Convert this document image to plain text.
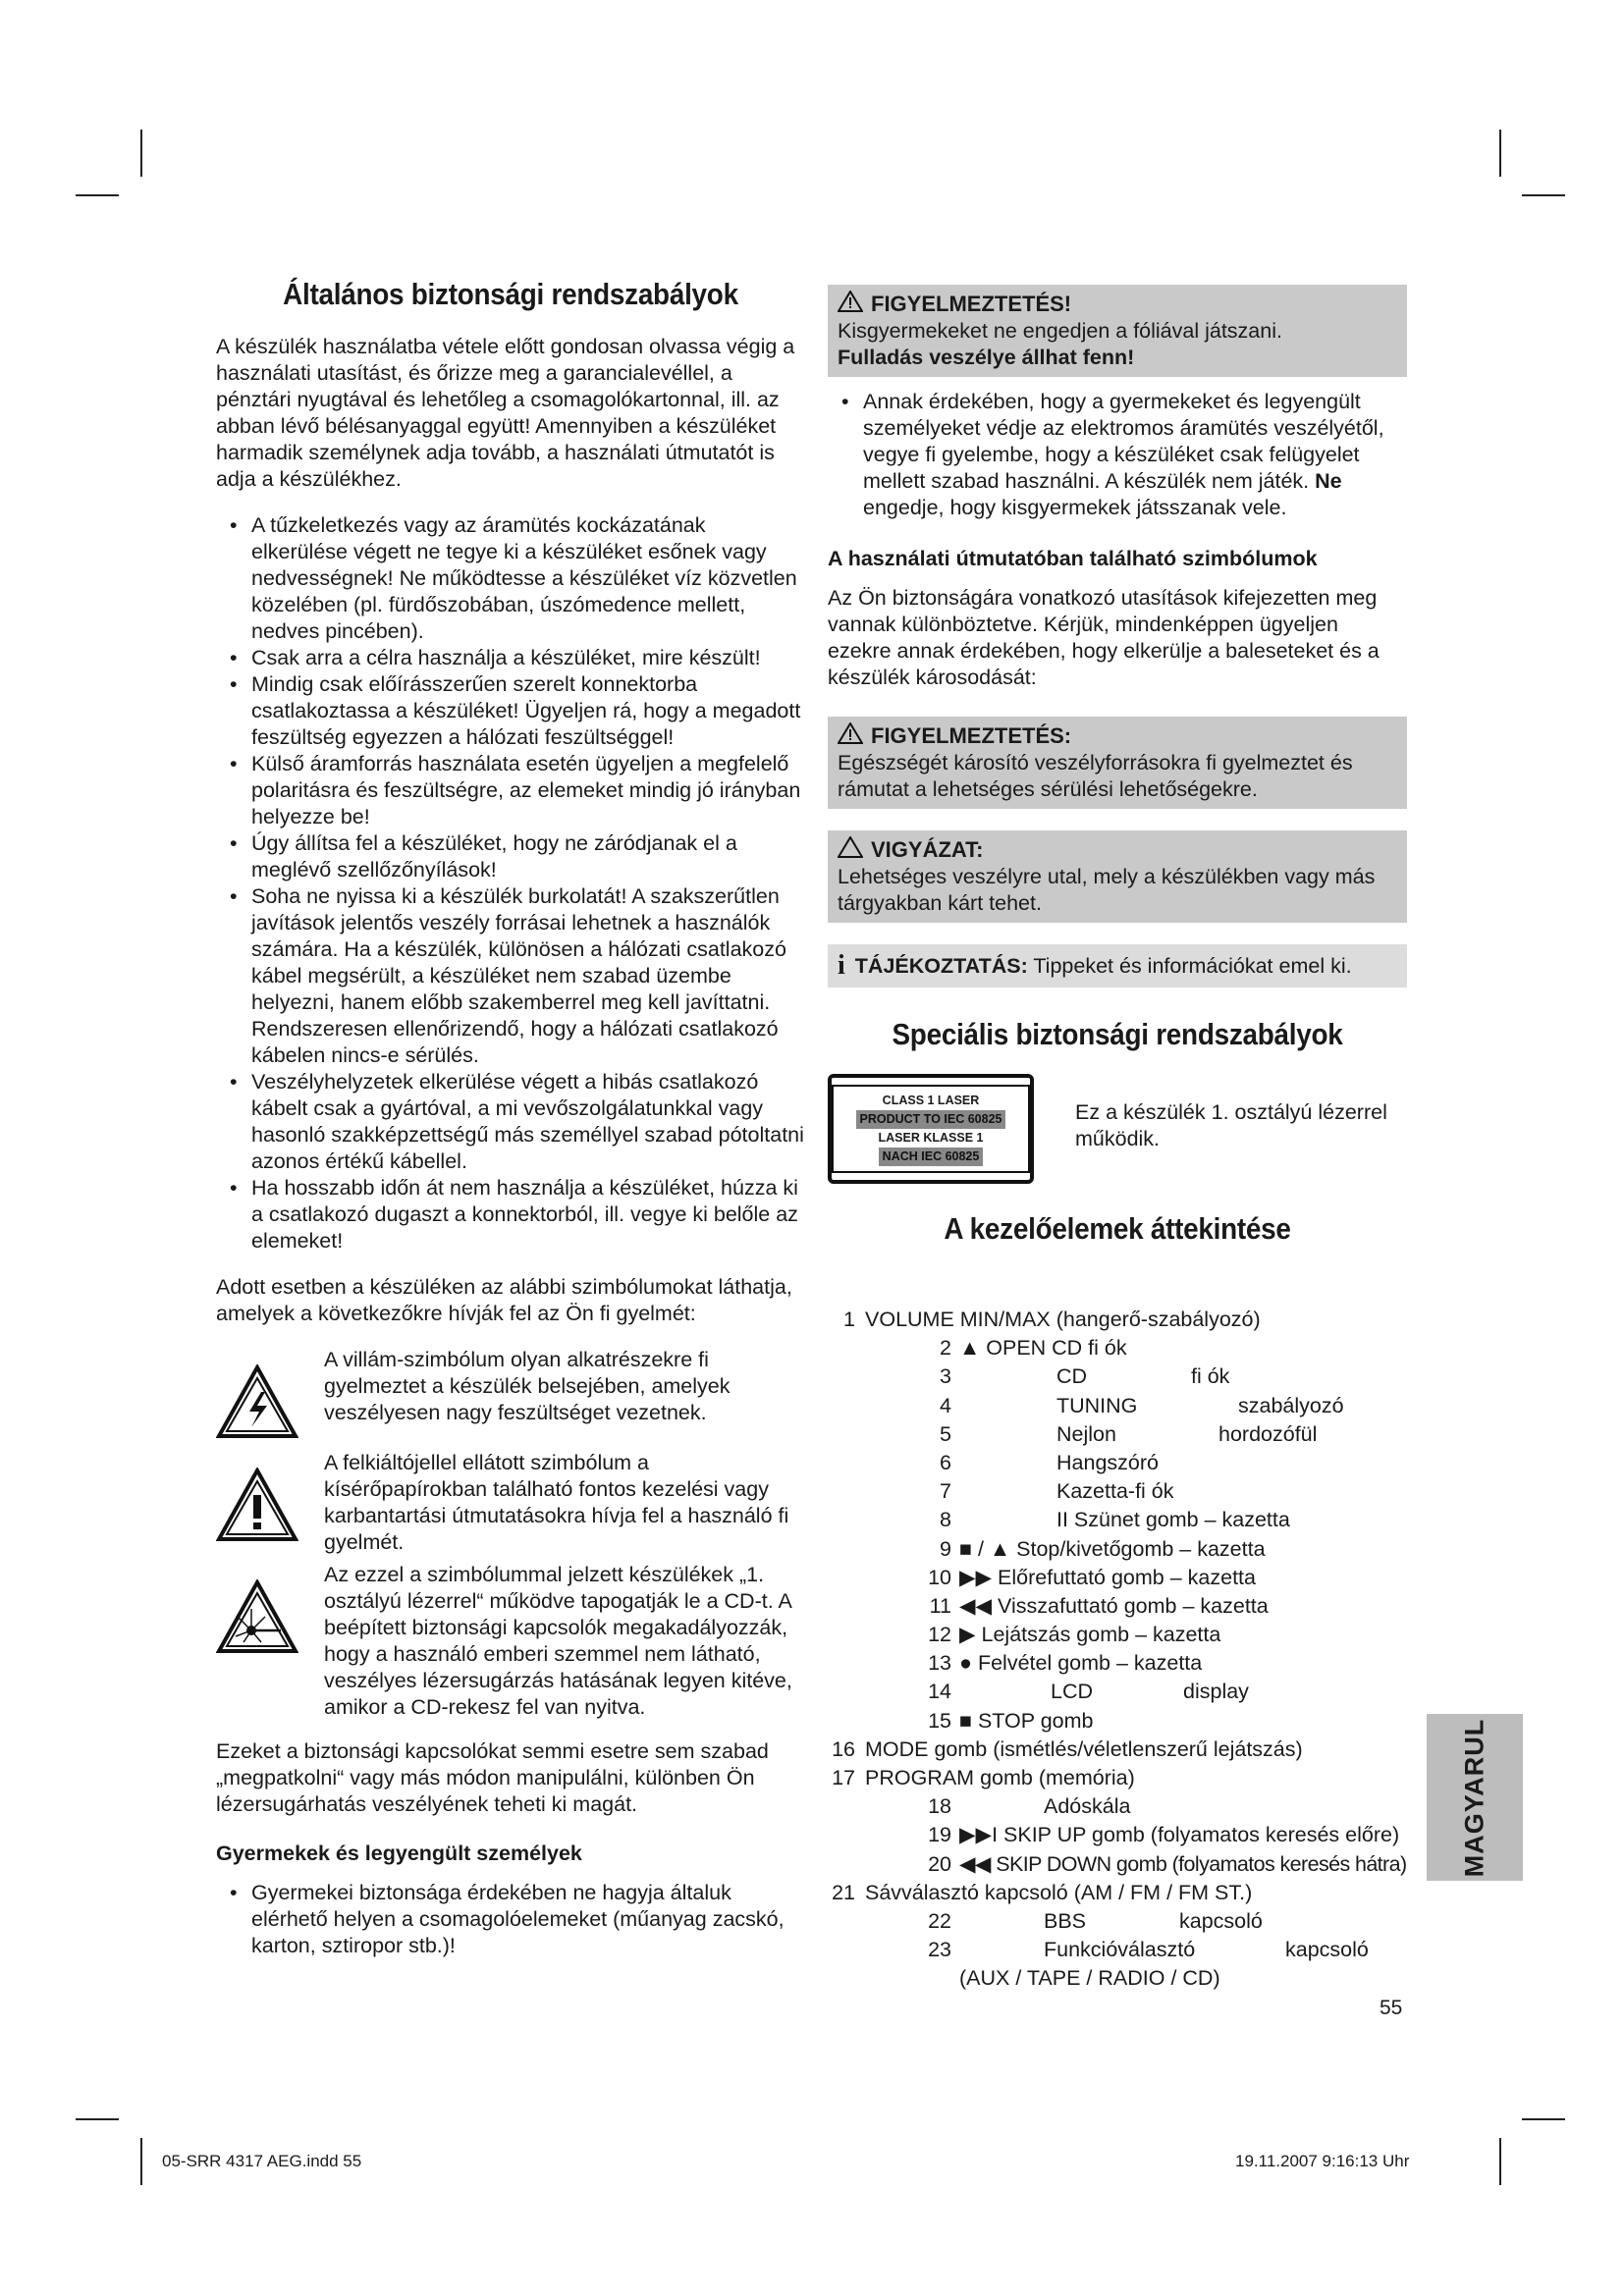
Általános biztonsági rendszabályok

A készülék használatba vétele előtt gondosan olvassa végig a használati utasítást, és őrizze meg a garancialevéllel, a pénztári nyugtával és lehetőleg a csomagolókartonnal, ill. az abban lévő bélésanyaggal együtt! Amennyiben a készüléket harmadik személynek adja tovább, a használati útmutatót is adja a készülékhez.

• A tűzkeletkezés vagy az áramütés kockázatának elkerülése végett ne tegye ki a készüléket esőnek vagy nedvességnek! Ne működtesse a készüléket víz közvetlen közelében (pl. fürdőszobában, úszómedence mellett, nedves pincében).
• Csak arra a célra használja a készüléket, mire készült!
• Mindig csak előírásszerűen szerelt konnektorba csatlakoztassa a készüléket! Ügyeljen rá, hogy a megadott feszültség egyezzen a hálózati feszültséggel!
• Külső áramforrás használata esetén ügyeljen a megfelelő polaritásra és feszültségre, az elemeket mindig jó irányban helyezze be!
• Úgy állítsa fel a készüléket, hogy ne záródjanak el a meglévő szellőzőnyílások!
• Soha ne nyissa ki a készülék burkolatát! A szakszerűtlen javítások jelentős veszély forrásai lehetnek a használók számára. Ha a készülék, különösen a hálózati csatlakozó kábel megsérült, a készüléket nem szabad üzembe helyezni, hanem előbb szakemberrel meg kell javíttatni. Rendszeresen ellenőrizendő, hogy a hálózati csatlakozó kábelen nincs-e sérülés.
• Veszélyhelyzetek elkerülése végett a hibás csatlakozó kábelt csak a gyártóval, a mi vevőszolgálatunkkal vagy hasonló szakképzettségű más személlyel szabad pótoltatni azonos értékű kábellel.
• Ha hosszabb időn át nem használja a készüléket, húzza ki a csatlakozó dugaszt a konnektorból, ill. vegye ki belőle az elemeket!

Adott esetben a készüléken az alábbi szimbólumokat láthatja, amelyek a következőkre hívják fel az Ön fi gyelmét:

A villám-szimbólum olyan alkatrészekre fi gyelmeztet a készülék belsejében, amelyek veszélyesen nagy feszültséget vezetnek.
A felkiáltójellel ellátott szimbólum a kísérőpapírokban található fontos kezelési vagy karbantartási útmutatásokra hívja fel a használó fi gyelmét.
Az ezzel a szimbólummal jelzett készülékek „1. osztályú lézerrel“ működve tapogatják le a CD-t. A beépített biztonsági kapcsolók megakadályozzák, hogy a használó emberi szemmel nem látható, veszélyes lézersugárzás hatásának legyen kitéve, amikor a CD-rekesz fel van nyitva.

Ezeket a biztonsági kapcsolókat semmi esetre sem szabad „megpatkolni“ vagy más módon manipulálni, különben Ön lézersugárhatás veszélyének teheti ki magát.

Gyermekek és legyengült személyek
• Gyermekei biztonsága érdekében ne hagyja általuk elérhető helyen a csomagolóelemeket (műanyag zacskó, karton, sztiropor stb.)!
FIGYELMEZTETÉS!
Kisgyermekeket ne engedjen a fóliával játszani.
Fulladás veszélye állhat fenn!
• Annak érdekében, hogy a gyermekeket és legyengült személyeket védje az elektromos áramütés veszélyétől, vegye fi gyelembe, hogy a készüléket csak felügyelet mellett szabad használni. A készülék nem játék. Ne engedje, hogy kisgyermekek játsszanak vele.
A használati útmutatóban található szimbólumok

Az Ön biztonságára vonatkozó utasítások kifejezetten meg vannak különböztetve. Kérjük, mindenképpen ügyeljen ezekre annak érdekében, hogy elkerülje a baleseteket és a készülék károsodását:

FIGYELMEZTETÉS:
Egészségét károsító veszélyforrásokra fi gyelmeztet és rámutat a lehetséges sérülési lehetőségekre.
VIGYÁZAT:
Lehetséges veszélyre utal, mely a készülékben vagy más tárgyakban kárt tehet.
i TÁJÉKOZTATÁS: Tippeket és információkat emel ki.
Speciális biztonsági rendszabályok
CLASS 1 LASER
PRODUCT TO IEC 60825
LASER KLASSE 1
NACH IEC 60825
Ez a készülék 1. osztályú lézerrel működik.
A kezelőelemek áttekintése
1 VOLUME MIN/MAX (hangerő-szabályozó)
2 ▲ OPEN CD fi ók
3	CD	fi ók
4	TUNING	szabályozó
5	Nejlon	hordozófül
6	Hangszóró
7	Kazetta-fi ók
8	II Szünet gomb – kazetta
9 ■ / ▲ Stop/kivetőgomb – kazetta
10 ▶▶ Előrefuttató gomb – kazetta
11 ◀◀ Visszafuttató gomb – kazetta
12 ▶ Lejátszás gomb – kazetta
13 ● Felvétel gomb – kazetta
14	LCD	display
15 ■ STOP gomb
16 MODE gomb (ismétlés/véletlenszerű lejátszás)
17 PROGRAM gomb (memória)
18	Adóskála
19 ▶▶I SKIP UP gomb (folyamatos keresés előre)
20 ◀◀ SKIP DOWN gomb (folyamatos keresés hátra)
21 Sávválasztó kapcsoló (AM / FM / FM ST.)
22	BBS	kapcsoló
23	Funkcióválasztó	kapcsoló
(AUX / TAPE / RADIO / CD)
MAGYARUL
55
05-SRR 4317 AEG.indd 55	19.11.2007 9:16:13 Uhr
